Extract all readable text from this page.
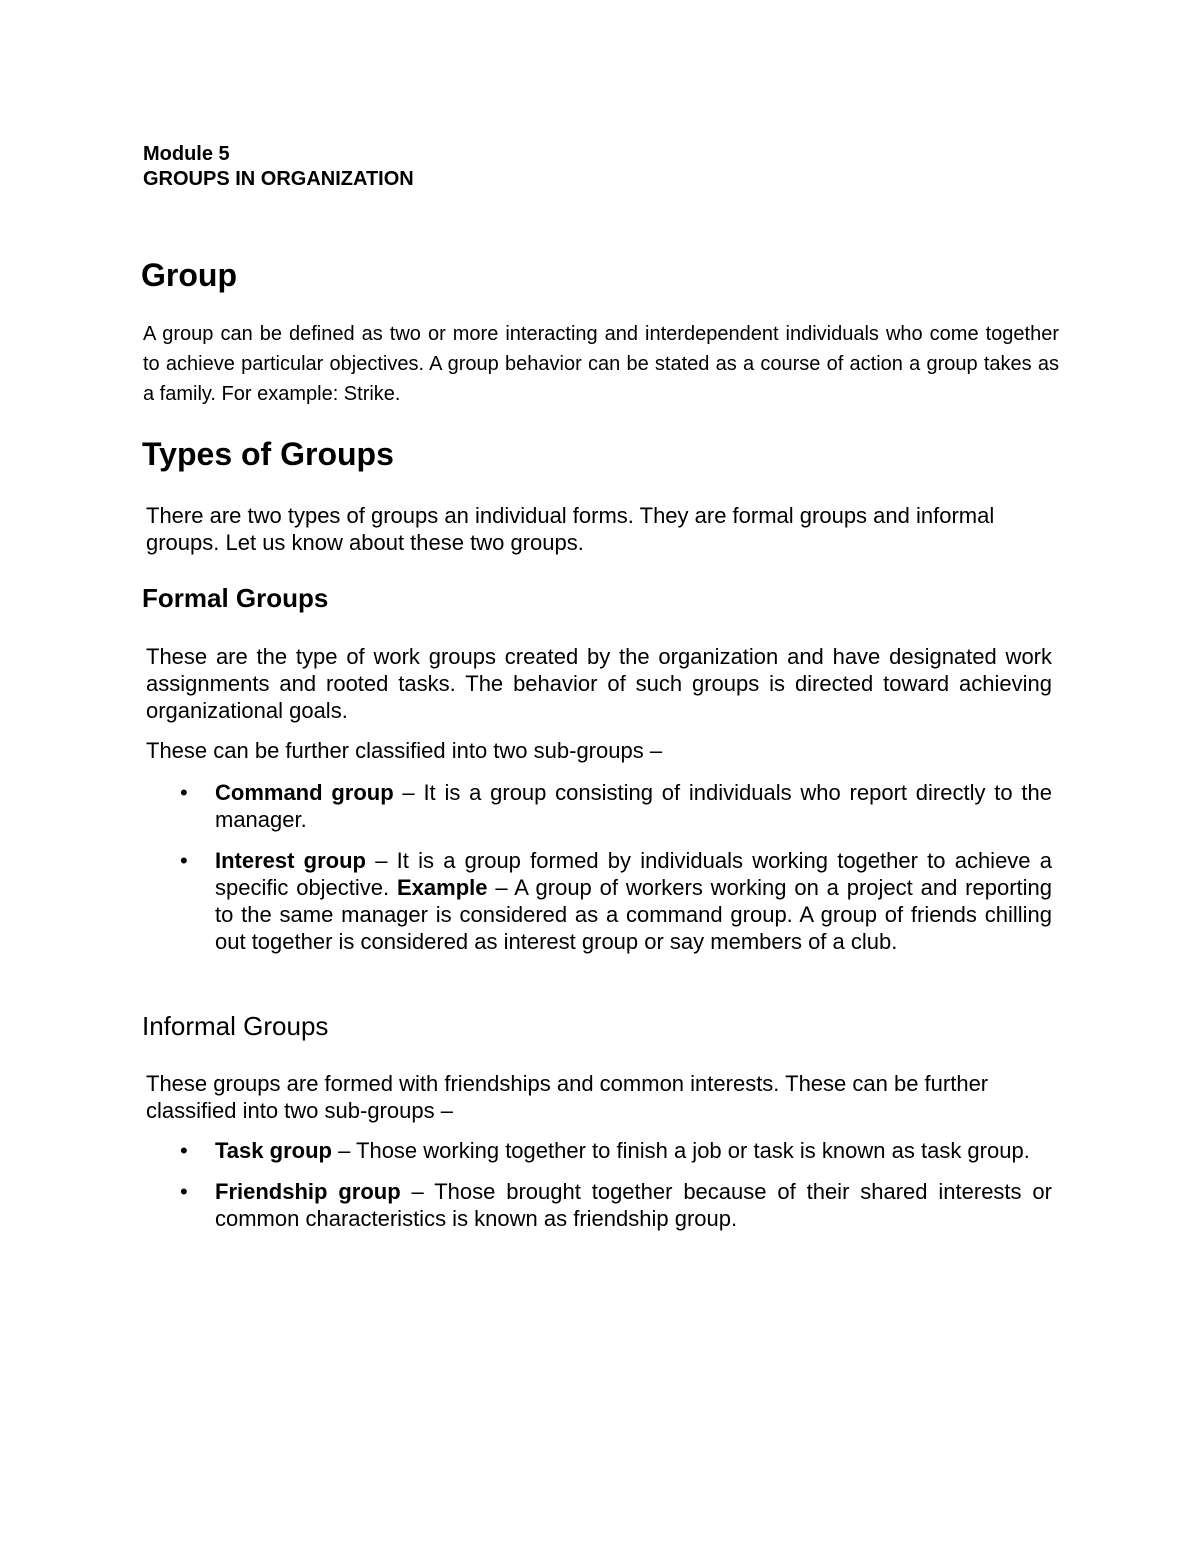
Module 5

GROUPS IN ORGANIZATION

Group

A group can be defined as two or more interacting and interdependent individuals who come together to achieve particular objectives. A group behavior can be stated as a course of action a group takes as a family. For example: Strike.

Types of Groups

There are two types of groups an individual forms. They are formal groups and informal groups. Let us know about these two groups.

Formal Groups

These are the type of work groups created by the organization and have designated work assignments and rooted tasks. The behavior of such groups is directed toward achieving organizational goals.

These can be further classified into two sub-groups –

•	Command group – It is a group consisting of individuals who report directly to the manager.
•	Interest group – It is a group formed by individuals working together to achieve a specific objective. Example – A group of workers working on a project and reporting to the same manager is considered as a command group. A group of friends chilling out together is considered as interest group or say members of a club.
Informal Groups

These groups are formed with friendships and common interests. These can be further classified into two sub-groups –

•	Task group – Those working together to finish a job or task is known as task group.
•	Friendship group – Those brought together because of their shared interests or common characteristics is known as friendship group.
